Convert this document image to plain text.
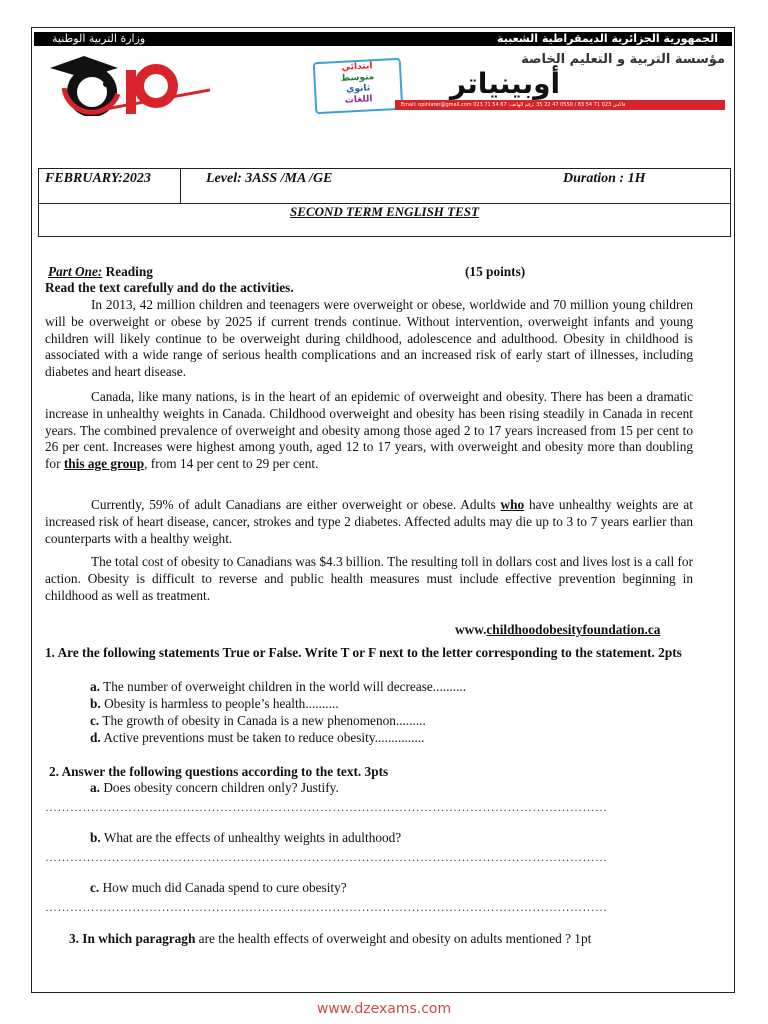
وزارة التربية الوطنية	الجمهورية الجزائرية الديمقراطية الشعبية
مؤسسة التربية و التعليم الخاصة
أوبينياتر
ابتدائي
متوسط
ثانوي
اللغات	Email: opiniater@gmail.com 023 71 54 67 :فاكس 023 71 54 83 / 0550 47 22 35 :رقم الهاتف
FEBRUARY:2023	Level: 3ASS /MA /GE	Duration : 1H
SECOND TERM ENGLISH TEST
Part One: Reading	(15 points)
Read the text carefully and do the activities.

In 2013, 42 million children and teenagers were overweight or obese, worldwide and 70 million young children will be overweight or obese by 2025 if current trends continue. Without intervention, overweight infants and young children will likely continue to be overweight during childhood, adolescence and adulthood. Obesity in childhood is associated with a wide range of serious health complications and an increased risk of early start of illnesses, including diabetes and heart disease.

Canada, like many nations, is in the heart of an epidemic of overweight and obesity. There has been a dramatic increase in unhealthy weights in Canada. Childhood overweight and obesity has been rising steadily in Canada in recent years. The combined prevalence of overweight and obesity among those aged 2 to 17 years increased from 15 per cent to 26 per cent. Increases were highest among youth, aged 12 to 17 years, with overweight and obesity more than doubling for this age group, from 14 per cent to 29 per cent.

Currently, 59% of adult Canadians are either overweight or obese. Adults who have unhealthy weights are at increased risk of heart disease, cancer, strokes and type 2 diabetes. Affected adults may die up to 3 to 7 years earlier than counterparts with a healthy weight.

The total cost of obesity to Canadians was $4.3 billion. The resulting toll in dollars cost and lives lost is a call for action. Obesity is difficult to reverse and public health measures must include effective prevention beginning in childhood as well as treatment.

www.childhoodobesityfoundation.ca
1. Are the following statements True or False. Write T or F next to the letter corresponding to the statement. 2pts
a. The number of overweight children in the world will decrease..........
b. Obesity is harmless to people’s health..........
c. The growth of obesity in Canada is a new phenomenon.........
d. Active preventions must be taken to reduce obesity...............
2. Answer the following questions according to the text. 3pts
a. Does obesity concern children only? Justify.
………………………………………………………………………………………………………………………
b. What are the effects of unhealthy weights in adulthood?
………………………………………………………………………………………………………………………
c. How much did Canada spend to cure obesity?
………………………………………………………………………………………………………………………
3. In which paragragh are the health effects of overweight and obesity on adults mentioned ? 1pt
www.dzexams.com
